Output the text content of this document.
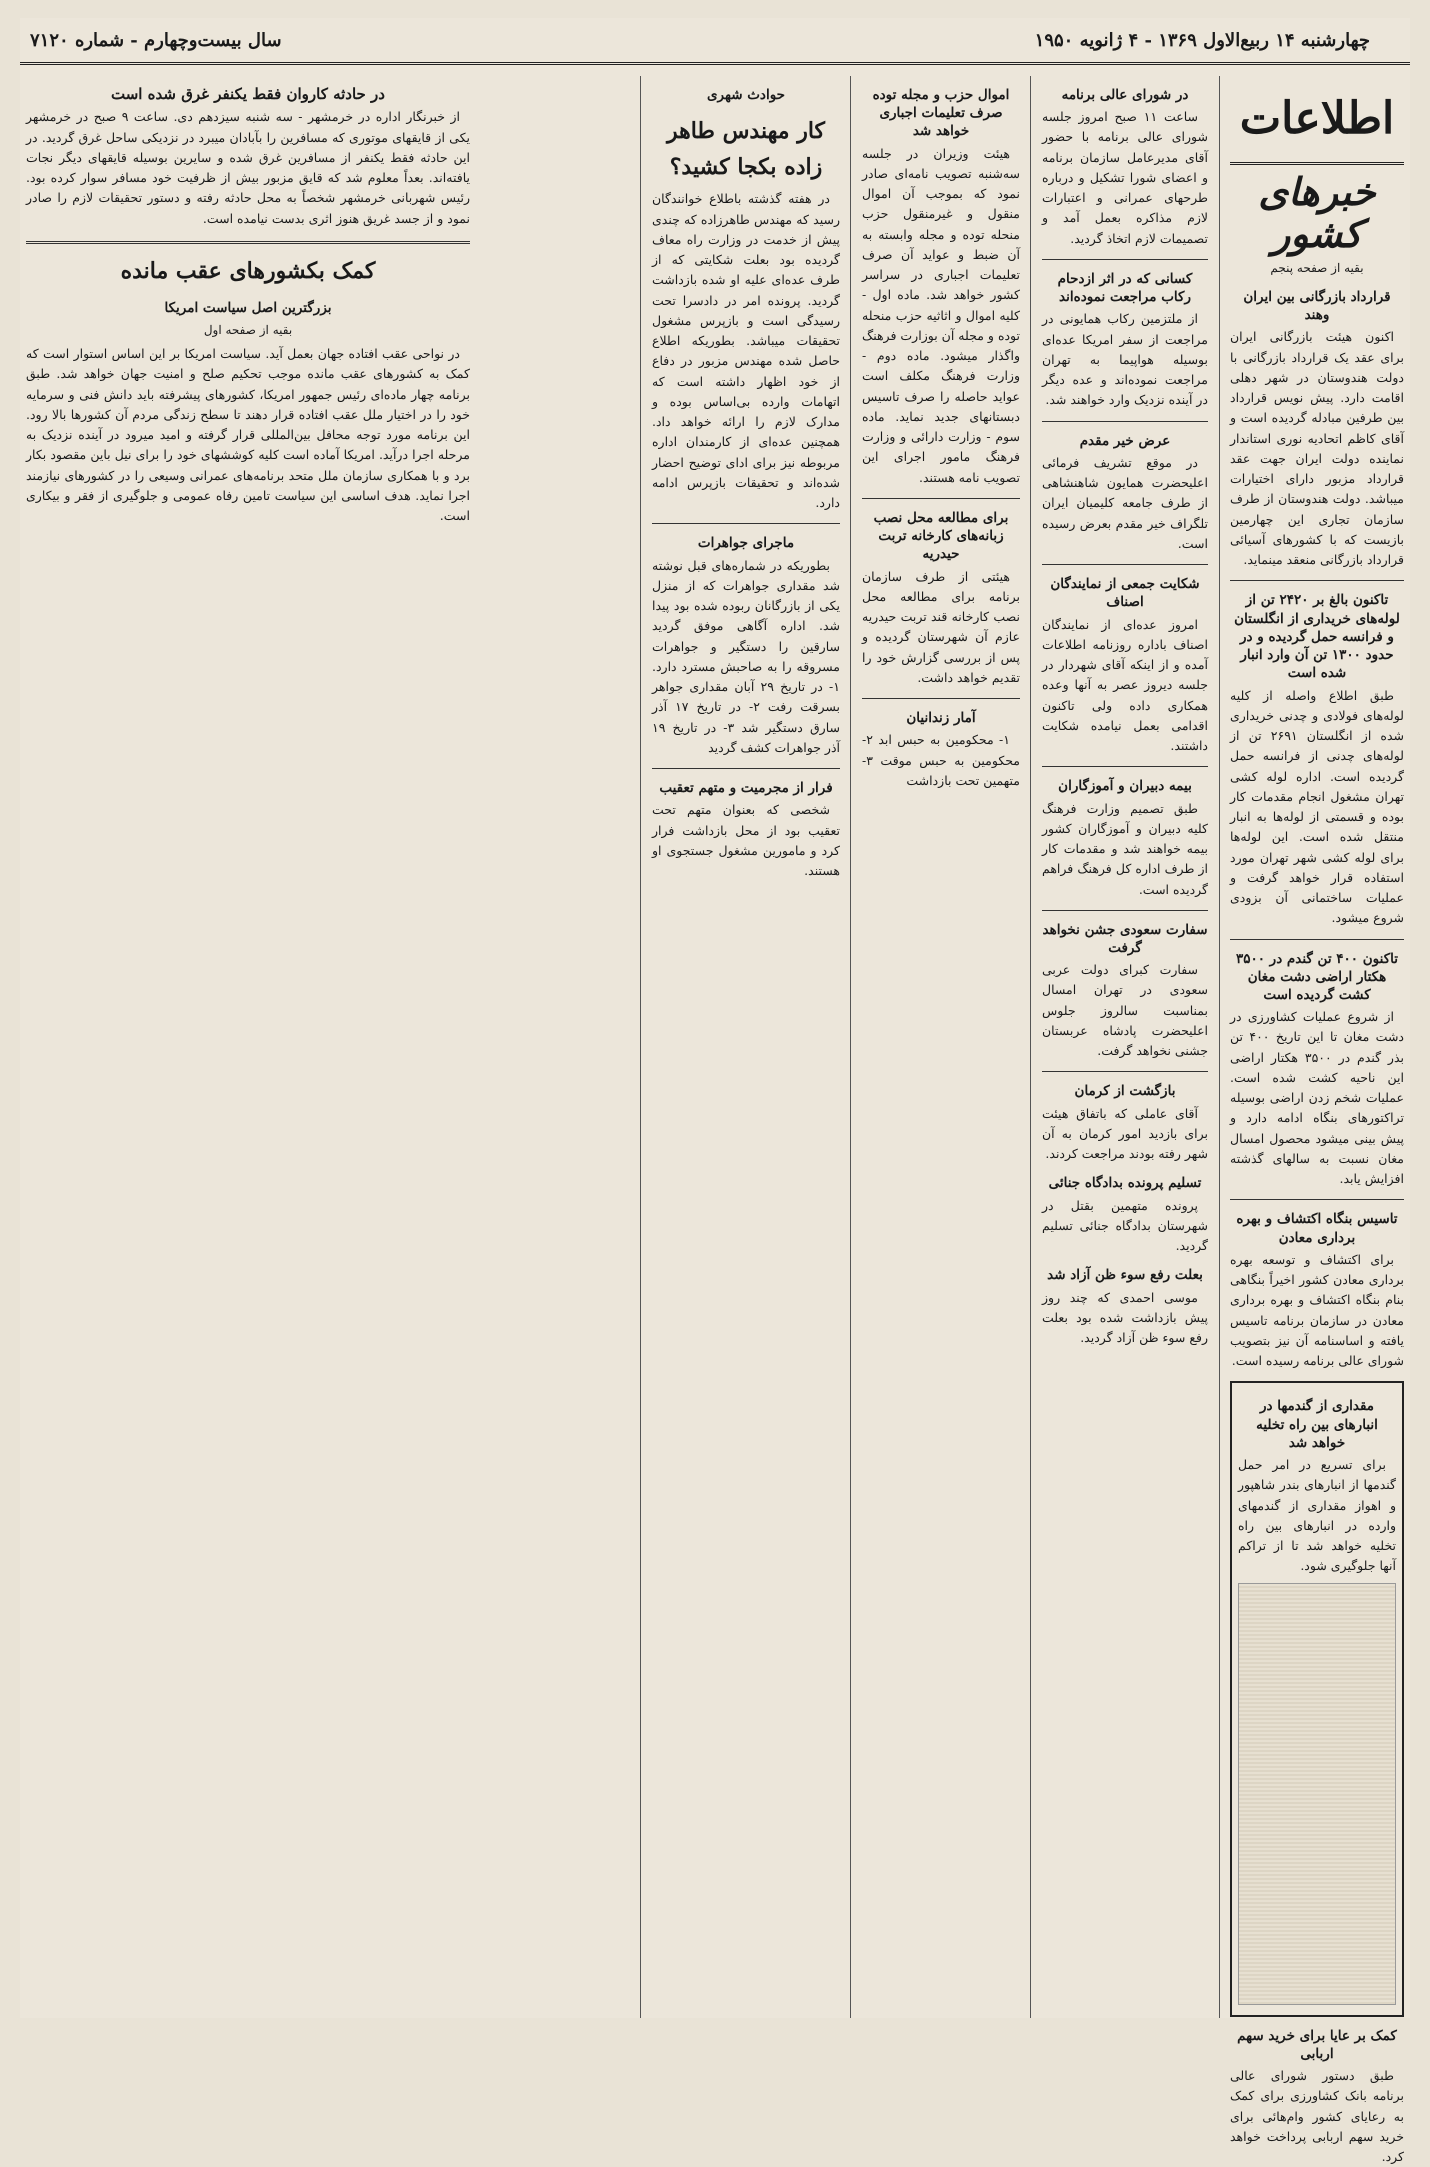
چهارشنبه ۱۴ ربیع‌الاول ۱۳۶۹ - ۴ ژانویه ۱۹۵۰
سال بیست‌وچهارم - شماره ۷۱۲۰
اطلاعات
خبر‌های کشور
بقیه از صفحه پنجم
قرارداد بازرگانی بین ایران وهند

اکنون هیئت بازرگانی ایران برای عقد یک قرارداد بازرگانی با دولت هندوستان در شهر دهلی اقامت دارد. پیش نویس قرارداد بین طرفین مبادله گردیده است و آقای کاظم اتحادیه نوری استاندار نماینده دولت ایران جهت عقد قرارداد مزبور دارای اختیارات میباشد. دولت هندوستان از طرف سازمان تجاری این چهارمین بازیست که با کشورهای آسیائی قرارداد بازرگانی منعقد مینماید.

تاکنون بالغ بر ۲۴۲۰ تن از لوله‌های خریداری از انگلستان و فرانسه حمل گردیده و در حدود ۱۳۰۰ تن آن وارد انبار شده است

طبق اطلاع واصله از کلیه لوله‌های فولادی و چدنی خریداری شده از انگلستان ۲۶۹۱ تن از لوله‌های چدنی از فرانسه حمل گردیده است. اداره لوله کشی تهران مشغول انجام مقدمات کار بوده و قسمتی از لوله‌ها به انبار منتقل شده است. این لوله‌ها برای لوله کشی شهر تهران مورد استفاده قرار خواهد گرفت و عملیات ساختمانی آن بزودی شروع میشود.

تاکنون ۴۰۰ تن گندم در ۳۵۰۰ هکتار اراضی دشت مغان کشت گردیده است

از شروع عملیات کشاورزی در دشت مغان تا این تاریخ ۴۰۰ تن بذر گندم در ۳۵۰۰ هکتار اراضی این ناحیه کشت شده است. عملیات شخم زدن اراضی بوسیله تراکتورهای بنگاه ادامه دارد و پیش بینی میشود محصول امسال مغان نسبت به سالهای گذشته افزایش یابد.

تاسیس بنگاه اکتشاف و بهره برداری معادن

برای اکتشاف و توسعه بهره برداری معادن کشور اخیراً بنگاهی بنام بنگاه اکتشاف و بهره برداری معادن در سازمان برنامه تاسیس یافته و اساسنامه آن نیز بتصویب شورای عالی برنامه رسیده است.

مقداری از گندمها در انبار‌های بین راه تخلیه خواهد شد

برای تسریع در امر حمل گندمها از انبارهای بندر شاهپور و اهواز مقداری از گندمهای وارده در انبارهای بین راه تخلیه خواهد شد تا از تراکم آنها جلوگیری شود.

کمک بر عایا برای خرید سهم اربابی

طبق دستور شورای عالی برنامه بانک کشاورزی برای کمک به رعایای کشور وام‌هائی برای خرید سهم اربابی پرداخت خواهد کرد.

در شورای عالی برنامه

ساعت ۱۱ صبح امروز جلسه شورای عالی برنامه با حضور آقای مدیرعامل سازمان برنامه و اعضای شورا تشکیل و درباره طرحهای عمرانی و اعتبارات لازم مذاکره بعمل آمد و تصمیمات لازم اتخاذ گردید.

کسانی که در اثر ازدحام رکاب مراجعت نموده‌اند

از ملتزمین رکاب همایونی در مراجعت از سفر امریکا عده‌ای بوسیله هواپیما به تهران مراجعت نموده‌اند و عده دیگر در آینده نزدیک وارد خواهند شد.

عرض خیر مقدم

در موقع تشریف فرمائی اعلیحضرت همایون شاهنشاهی از طرف جامعه کلیمیان ایران تلگراف خیر مقدم بعرض رسیده است.

شکایت جمعی از نمایندگان اصناف

امروز عده‌ای از نمایندگان اصناف باداره روزنامه اطلاعات آمده و از اینکه آقای شهردار در جلسه دیروز عصر به آنها وعده همکاری داده ولی تاکنون اقدامی بعمل نیامده شکایت داشتند.

بیمه دبیران و آموزگاران

طبق تصمیم وزارت فرهنگ کلیه دبیران و آموزگاران کشور بیمه خواهند شد و مقدمات کار از طرف اداره کل فرهنگ فراهم گردیده است.

سفارت سعودی جشن نخواهد گرفت

سفارت کبرای دولت عربی سعودی در تهران امسال بمناسبت سالروز جلوس اعلیحضرت پادشاه عربستان جشنی نخواهد گرفت.

بازگشت از کرمان

آقای عاملی که باتفاق هیئت برای بازدید امور کرمان به آن شهر رفته بودند مراجعت کردند.

تسلیم پرونده بدادگاه جنائی

پرونده متهمین بقتل در شهرستان بدادگاه جنائی تسلیم گردید.

بعلت رفع سوء ظن آزاد شد

موسی احمدی که چند روز پیش بازداشت شده بود بعلت رفع سوء ظن آزاد گردید.

اموال حزب و مجله توده صرف تعلیمات اجباری خواهد شد

هیئت وزیران در جلسه سه‌شنبه تصویب نامه‌ای صادر نمود که بموجب آن اموال منقول و غیرمنقول حزب منحله توده و مجله وابسته به آن ضبط و عواید آن صرف تعلیمات اجباری در سراسر کشور خواهد شد. ماده اول - کلیه اموال و اثاثیه حزب منحله توده و مجله آن بوزارت فرهنگ واگذار میشود. ماده دوم - وزارت فرهنگ مکلف است عواید حاصله را صرف تاسیس دبستانهای جدید نماید. ماده سوم - وزارت دارائی و وزارت فرهنگ مامور اجرای این تصویب نامه هستند.

برای مطالعه محل نصب زبانه‌های کارخانه تربت حیدریه

هیئتی از طرف سازمان برنامه برای مطالعه محل نصب کارخانه قند تربت حیدریه عازم آن شهرستان گردیده و پس از بررسی گزارش خود را تقدیم خواهد داشت.

آمار زندانیان

۱- محکومین به حبس ابد ۲- محکومین به حبس موقت ۳- متهمین تحت بازداشت

حوادث شهری
کار مهندس طاهر زاده بکجا کشید؟

در هفته گذشته باطلاع خوانندگان رسید که مهندس طاهرزاده که چندی پیش از خدمت در وزارت راه معاف گردیده بود بعلت شکایتی که از طرف عده‌ای علیه او شده بازداشت گردید. پرونده امر در دادسرا تحت رسیدگی است و بازپرس مشغول تحقیقات میباشد. بطوریکه اطلاع حاصل شده مهندس مزبور در دفاع از خود اظهار داشته است که اتهامات وارده بی‌اساس بوده و مدارک لازم را ارائه خواهد داد. همچنین عده‌ای از کارمندان اداره مربوطه نیز برای ادای توضیح احضار شده‌اند و تحقیقات بازپرس ادامه دارد.

ماجرای جواهرات

بطوریکه در شماره‌های قبل نوشته شد مقداری جواهرات که از منزل یکی از بازرگانان ربوده شده بود پیدا شد. اداره آگاهی موفق گردید سارقین را دستگیر و جواهرات مسروقه را به صاحبش مسترد دارد. ۱- در تاریخ ۲۹ آبان مقداری جواهر بسرقت رفت ۲- در تاریخ ۱۷ آذر سارق دستگیر شد ۳- در تاریخ ۱۹ آذر جواهرات کشف گردید

فرار از مجرمیت و متهم تعقیب

شخصی که بعنوان متهم تحت تعقیب بود از محل بازداشت فرار کرد و مامورین مشغول جستجوی او هستند.

در حادثه کاروان فقط یکنفر غرق شده است

از خبرنگار اداره در خرمشهر - سه شنبه سیزدهم دی. ساعت ۹ صبح در خرمشهر یکی از قایقهای موتوری که مسافرین را بآبادان میبرد در نزدیکی ساحل غرق گردید. در این حادثه فقط یکنفر از مسافرین غرق شده و سایرین بوسیله قایقهای دیگر نجات یافته‌اند. بعداً معلوم شد که قایق مزبور بیش از ظرفیت خود مسافر سوار کرده بود. رئیس شهربانی خرمشهر شخصاً به محل حادثه رفته و دستور تحقیقات لازم را صادر نمود و از جسد غریق هنوز اثری بدست نیامده است.

کمک بکشور‌های عقب مانده
بزرگترین اصل سیاست امریکا
بقیه از صفحه اول

در نواحی عقب افتاده جهان بعمل آید. سیاست امریکا بر این اساس استوار است که کمک به کشورهای عقب مانده موجب تحکیم صلح و امنیت جهان خواهد شد. طبق برنامه چهار ماده‌ای رئیس جمهور امریکا، کشورهای پیشرفته باید دانش فنی و سرمایه خود را در اختیار ملل عقب افتاده قرار دهند تا سطح زندگی مردم آن کشورها بالا رود. این برنامه مورد توجه محافل بین‌المللی قرار گرفته و امید میرود در آینده نزدیک به مرحله اجرا درآید. امریکا آماده است کلیه کوششهای خود را برای نیل باین مقصود بکار برد و با همکاری سازمان ملل متحد برنامه‌های عمرانی وسیعی را در کشورهای نیازمند اجرا نماید. هدف اساسی این سیاست تامین رفاه عمومی و جلوگیری از فقر و بیکاری است.
